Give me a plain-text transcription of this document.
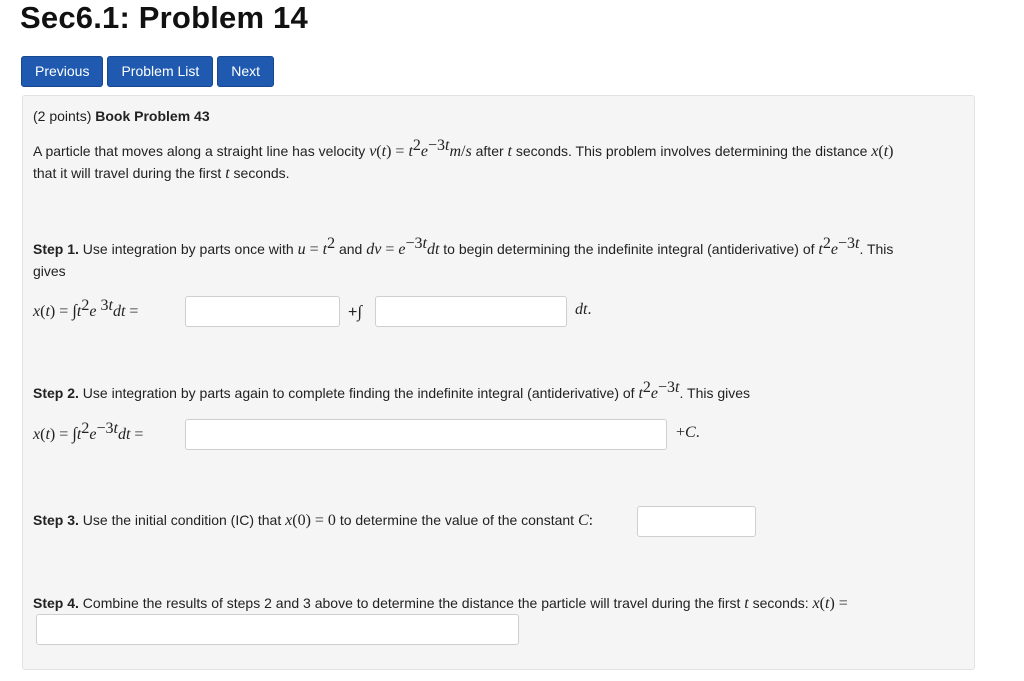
Sec6.1: Problem 14
Previous	Problem List	Next
(2 points) Book Problem 43
A particle that moves along a straight line has velocity $v(t) = t^2e^{-3t}m/s$ after t seconds. This problem involves determining the distance x(t)
that it will travel during the first t seconds.
Step 1. Use integration by parts once with $u = t^2$ and dv = $e^{-3t}dt$ to begin determining the indefinite integral (antiderivative) of $t^2e^{-3t}$. This
gives
$x(t) = \int t^2e$ $^{3t}$dt =	+∫	dt.
Step 2. Use integration by parts again to complete finding the indefinite integral (antiderivative) of $t^2e^{-3t}$. This gives
$x(t) = \int t^2e^{-3t}dt$ =	+C.
Step 3. Use the initial condition (IC) that x(0) = 0 to determine the value of the constant C:
Step 4. Combine the results of steps 2 and 3 above to determine the distance the particle will travel during the first t seconds: x(t) =
